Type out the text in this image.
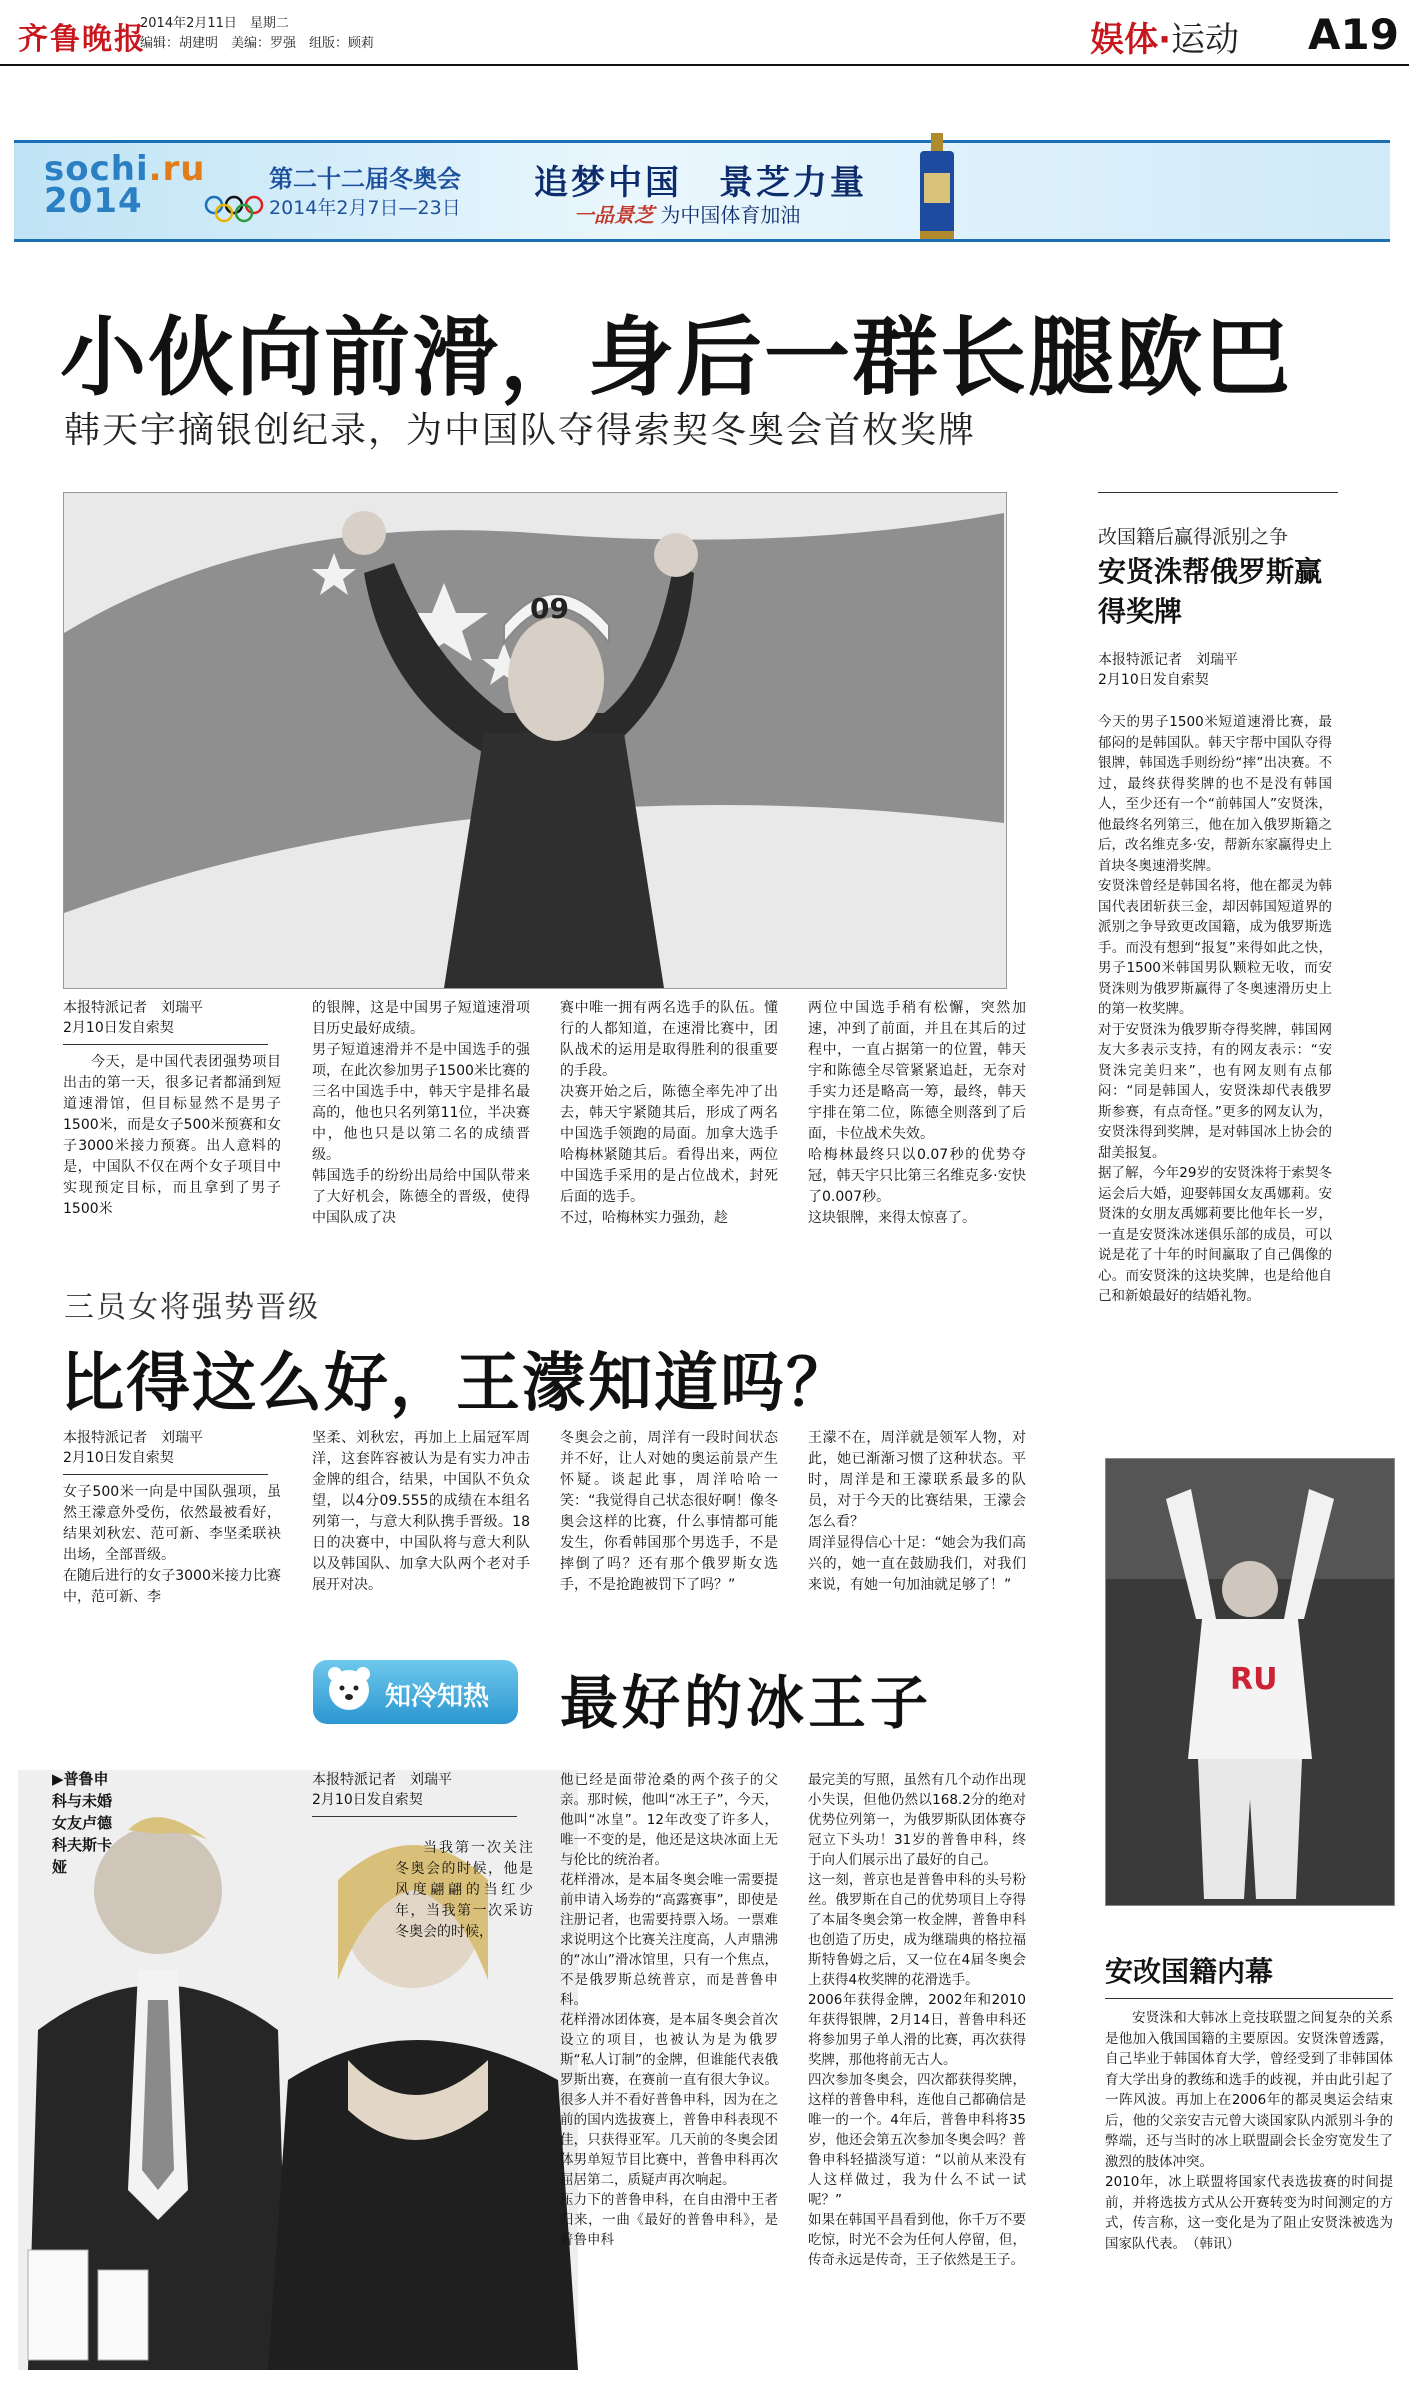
齐鲁晚报
2014年2月11日　星期二
编辑：胡建明　美编：罗强　组版：顾莉	娱体·运动 A19
sochi.ru
2014
第二十二届冬奥会
2014年2月7日—23日
追梦中国　景芝力量
一品景芝 为中国体育加油
小伙向前滑，身后一群长腿欧巴
韩天宇摘银创纪录，为中国队夺得索契冬奥会首枚奖牌
09
本报特派记者　刘瑞平
2月10日发自索契
今天，是中国代表团强势项目出击的第一天，很多记者都涌到短道速滑馆，但目标显然不是男子1500米，而是女子500米预赛和女子3000米接力预赛。出人意料的是，中国队不仅在两个女子项目中实现预定目标，而且拿到了男子1500米
的银牌，这是中国男子短道速滑项目历史最好成绩。
男子短道速滑并不是中国选手的强项，在此次参加男子1500米比赛的三名中国选手中，韩天宇是排名最高的，他也只名列第11位，半决赛中，他也只是以第二名的成绩晋级。
韩国选手的纷纷出局给中国队带来了大好机会，陈德全的晋级，使得中国队成了决
赛中唯一拥有两名选手的队伍。懂行的人都知道，在速滑比赛中，团队战术的运用是取得胜利的很重要的手段。
决赛开始之后，陈德全率先冲了出去，韩天宇紧随其后，形成了两名中国选手领跑的局面。加拿大选手哈梅林紧随其后。看得出来，两位中国选手采用的是占位战术，封死后面的选手。
不过，哈梅林实力强劲，趁
两位中国选手稍有松懈，突然加速，冲到了前面，并且在其后的过程中，一直占据第一的位置，韩天宇和陈德全尽管紧紧追赶，无奈对手实力还是略高一筹，最终，韩天宇排在第二位，陈德全则落到了后面，卡位战术失效。
哈梅林最终只以0.07秒的优势夺冠，韩天宇只比第三名维克多·安快了0.007秒。
这块银牌，来得太惊喜了。
改国籍后赢得派别之争
安贤洙帮俄罗斯赢得奖牌
本报特派记者　刘瑞平
2月10日发自索契
今天的男子1500米短道速滑比赛，最郁闷的是韩国队。韩天宇帮中国队夺得银牌，韩国选手则纷纷“摔”出决赛。不过，最终获得奖牌的也不是没有韩国人，至少还有一个“前韩国人”安贤洙，他最终名列第三，他在加入俄罗斯籍之后，改名维克多·安，帮新东家赢得史上首块冬奥速滑奖牌。
安贤洙曾经是韩国名将，他在都灵为韩国代表团斩获三金，却因韩国短道界的派别之争导致更改国籍，成为俄罗斯选手。而没有想到“报复”来得如此之快，男子1500米韩国男队颗粒无收，而安贤洙则为俄罗斯赢得了冬奥速滑历史上的第一枚奖牌。
对于安贤洙为俄罗斯夺得奖牌，韩国网友大多表示支持，有的网友表示：“安贤洙完美归来”，也有网友则有点郁闷：“同是韩国人，安贤洙却代表俄罗斯参赛，有点奇怪。”更多的网友认为，安贤洙得到奖牌，是对韩国冰上协会的甜美报复。
据了解，今年29岁的安贤洙将于索契冬运会后大婚，迎娶韩国女友禹娜莉。安贤洙的女朋友禹娜莉要比他年长一岁，一直是安贤洙冰迷俱乐部的成员，可以说是花了十年的时间赢取了自己偶像的心。而安贤洙的这块奖牌，也是给他自己和新娘最好的结婚礼物。
三员女将强势晋级
比得这么好，王濛知道吗？
本报特派记者　刘瑞平
2月10日发自索契
女子500米一向是中国队强项，虽然王濛意外受伤，依然最被看好，结果刘秋宏、范可新、李坚柔联袂出场，全部晋级。
在随后进行的女子3000米接力比赛中，范可新、李
坚柔、刘秋宏，再加上上届冠军周洋，这套阵容被认为是有实力冲击金牌的组合，结果，中国队不负众望，以4分09.555的成绩在本组名列第一，与意大利队携手晋级。18日的决赛中，中国队将与意大利队以及韩国队、加拿大队两个老对手展开对决。
冬奥会之前，周洋有一段时间状态并不好，让人对她的奥运前景产生怀疑。谈起此事，周洋哈哈一笑：“我觉得自己状态很好啊！像冬奥会这样的比赛，什么事情都可能发生，你看韩国那个男选手，不是摔倒了吗？还有那个俄罗斯女选手，不是抢跑被罚下了吗？”
王濛不在，周洋就是领军人物，对此，她已渐渐习惯了这种状态。平时，周洋是和王濛联系最多的队员，对于今天的比赛结果，王濛会怎么看？
周洋显得信心十足：“她会为我们高兴的，她一直在鼓励我们，对我们来说，有她一句加油就足够了！”
RU
安改国籍内幕
安贤洙和大韩冰上竞技联盟之间复杂的关系是他加入俄国国籍的主要原因。安贤洙曾透露，自己毕业于韩国体育大学，曾经受到了非韩国体育大学出身的教练和选手的歧视，并由此引起了一阵风波。再加上在2006年的都灵奥运会结束后，他的父亲安吉元曾大谈国家队内派别斗争的弊端，还与当时的冰上联盟副会长金穷宽发生了激烈的肢体冲突。
2010年，冰上联盟将国家代表选拔赛的时间提前，并将选拔方式从公开赛转变为时间测定的方式，传言称，这一变化是为了阻止安贤洙被选为国家队代表。　（韩讯）
知冷知热 最好的冰王子
▶普鲁申科与未婚女友卢德科夫斯卡娅
本报特派记者　刘瑞平
2月10日发自索契
当我第一次关注冬奥会的时候，他是风度翩翩的当红少年，当我第一次采访冬奥会的时候，
他已经是面带沧桑的两个孩子的父亲。那时候，他叫“冰王子”，今天，他叫“冰皇”。12年改变了许多人，唯一不变的是，他还是这块冰面上无与伦比的统治者。
花样滑冰，是本届冬奥会唯一需要提前申请入场券的“高露赛事”，即使是注册记者，也需要持票入场。一票难求说明这个比赛关注度高，人声鼎沸的“冰山”滑冰馆里，只有一个焦点，不是俄罗斯总统普京，而是普鲁申科。
花样滑冰团体赛，是本届冬奥会首次设立的项目，也被认为是为俄罗斯“私人订制”的金牌，但谁能代表俄罗斯出赛，在赛前一直有很大争议。很多人并不看好普鲁申科，因为在之前的国内选拔赛上，普鲁申科表现不佳，只获得亚军。几天前的冬奥会团体男单短节目比赛中，普鲁申科再次屈居第二，质疑声再次响起。
压力下的普鲁申科，在自由滑中王者归来，一曲《最好的普鲁申科》，是普鲁申科
最完美的写照，虽然有几个动作出现小失误，但他仍然以168.2分的绝对优势位列第一，为俄罗斯队团体赛夺冠立下头功！31岁的普鲁申科，终于向人们展示出了最好的自己。
这一刻，普京也是普鲁申科的头号粉丝。俄罗斯在自己的优势项目上夺得了本届冬奥会第一枚金牌，普鲁申科也创造了历史，成为继瑞典的格拉福斯特鲁姆之后，又一位在4届冬奥会上获得4枚奖牌的花滑选手。
2006年获得金牌，2002年和2010年获得银牌，2月14日，普鲁申科还将参加男子单人滑的比赛，再次获得奖牌，那他将前无古人。
四次参加冬奥会，四次都获得奖牌，这样的普鲁申科，连他自己都确信是唯一的一个。4年后，普鲁申科将35岁，他还会第五次参加冬奥会吗？普鲁申科轻描淡写道：“以前从来没有人这样做过，我为什么不试一试呢？”
如果在韩国平昌看到他，你千万不要吃惊，时光不会为任何人停留，但，传奇永远是传奇，王子依然是王子。
